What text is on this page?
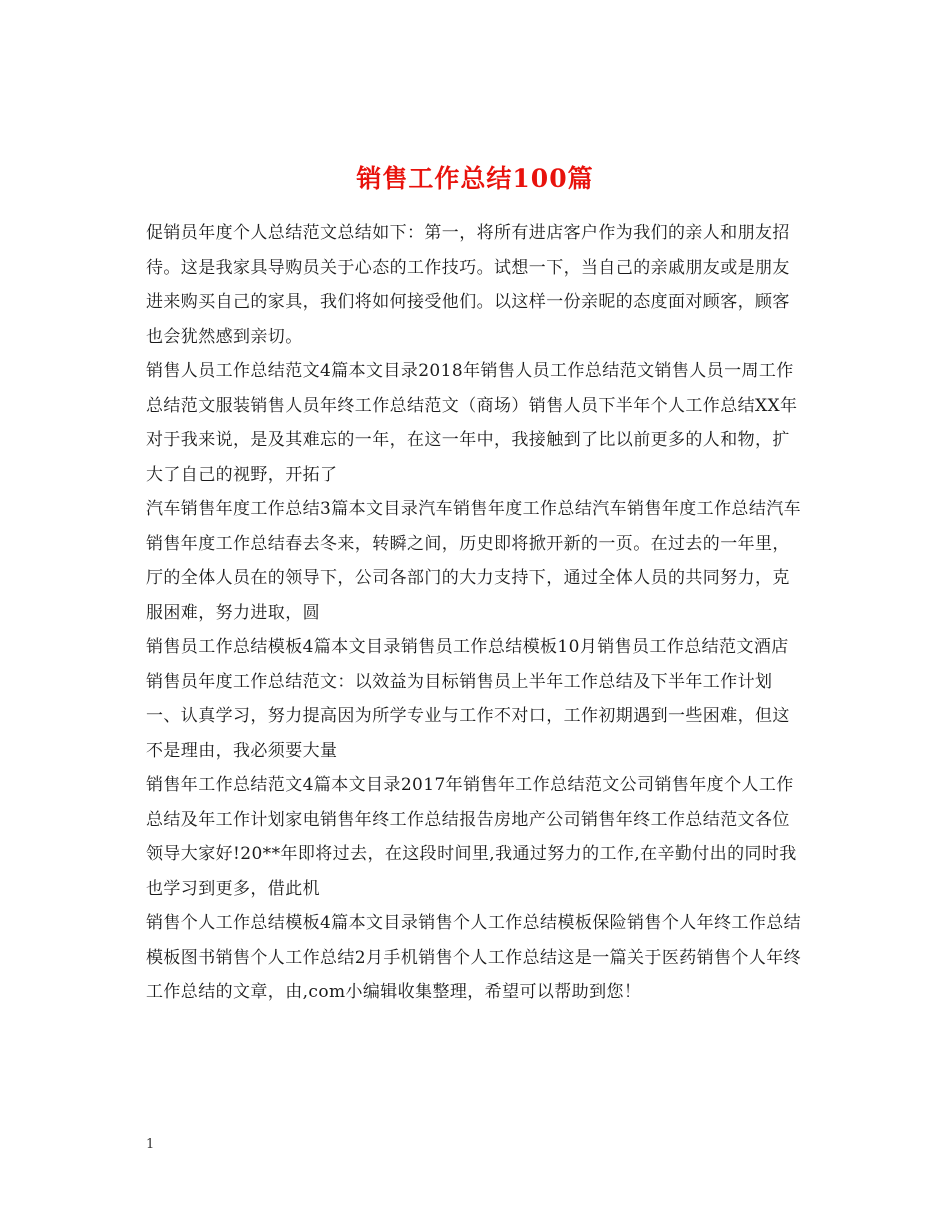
销售工作总结100篇

促销员年度个人总结范文总结如下：第一，将所有进店客户作为我们的亲人和朋友招待。这是我家具导购员关于心态的工作技巧。试想一下，当自己的亲戚朋友或是朋友进来购买自己的家具，我们将如何接受他们。以这样一份亲昵的态度面对顾客，顾客也会犹然感到亲切。

销售人员工作总结范文4篇本文目录2018年销售人员工作总结范文销售人员一周工作总结范文服装销售人员年终工作总结范文（商场）销售人员下半年个人工作总结XX年对于我来说，是及其难忘的一年，在这一年中，我接触到了比以前更多的人和物，扩大了自己的视野，开拓了

汽车销售年度工作总结3篇本文目录汽车销售年度工作总结汽车销售年度工作总结汽车销售年度工作总结春去冬来，转瞬之间，历史即将掀开新的一页。在过去的一年里，厅的全体人员在的领导下，公司各部门的大力支持下，通过全体人员的共同努力，克服困难，努力进取，圆

销售员工作总结模板4篇本文目录销售员工作总结模板10月销售员工作总结范文酒店销售员年度工作总结范文：以效益为目标销售员上半年工作总结及下半年工作计划一、认真学习，努力提高因为所学专业与工作不对口，工作初期遇到一些困难，但这不是理由，我必须要大量

销售年工作总结范文4篇本文目录2017年销售年工作总结范文公司销售年度个人工作总结及年工作计划家电销售年终工作总结报告房地产公司销售年终工作总结范文各位领导大家好!20**年即将过去，在这段时间里,我通过努力的工作,在辛勤付出的同时我也学习到更多，借此机

销售个人工作总结模板4篇本文目录销售个人工作总结模板保险销售个人年终工作总结模板图书销售个人工作总结2月手机销售个人工作总结这是一篇关于医药销售个人年终工作总结的文章，由,com小编辑收集整理，希望可以帮助到您！

1
